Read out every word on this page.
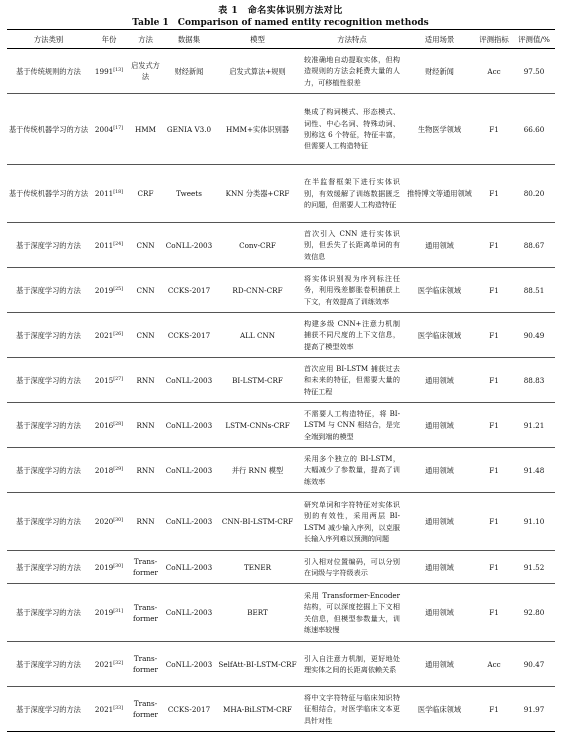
表 1　命名实体识别方法对比
Table 1　Comparison of named entity recognition methods
方法类别	年份	方法	数据集	模型	方法特点	适用场景	评测指标	评测值/%
基于传统规则的方法	1991[13]	启发式方法	财经新闻	启发式算法+规则	较准确地自动提取实体，但构造规则的方法会耗费大量的人力，可移植性很差	财经新闻	Acc	97.50
基于传统机器学习的方法	2004[17]	HMM	GENIA V3.0	HMM+实体识别器	集成了构词模式、形态模式、词性、中心名词、特殊动词、别称这 6 个特征，特征丰富，但需要人工构造特征	生物医学领域	F1	66.60
基于传统机器学习的方法	2011[18]	CRF	Tweets	KNN 分类器+CRF	在半监督框架下进行实体识别，有效缓解了训练数据匮乏的问题，但需要人工构造特征	推特博文等通用领域	F1	80.20
基于深度学习的方法	2011[24]	CNN	CoNLL-2003	Conv-CRF	首次引入 CNN 进行实体识别，但丢失了长距离单词的有效信息	通用领域	F1	88.67
基于深度学习的方法	2019[25]	CNN	CCKS-2017	RD-CNN-CRF	将实体识别视为序列标注任务，利用残差膨胀卷积捕获上下文，有效提高了训练效率	医学临床领域	F1	88.51
基于深度学习的方法	2021[26]	CNN	CCKS-2017	ALL CNN	构建多级 CNN+注意力机制捕获不同尺度的上下文信息，提高了模型效率	医学临床领域	F1	90.49
基于深度学习的方法	2015[27]	RNN	CoNLL-2003	BI-LSTM-CRF	首次应用 BI-LSTM 捕获过去和未来的特征，但需要大量的特征工程	通用领域	F1	88.83
基于深度学习的方法	2016[28]	RNN	CoNLL-2003	LSTM-CNNs-CRF	不需要人工构造特征，将 BI-LSTM 与 CNN 相结合，是完全端到端的模型	通用领域	F1	91.21
基于深度学习的方法	2018[29]	RNN	CoNLL-2003	并行 RNN 模型	采用多个独立的 BI-LSTM，大幅减少了参数量，提高了训练效率	通用领域	F1	91.48
基于深度学习的方法	2020[30]	RNN	CoNLL-2003	CNN-BI-LSTM-CRF	研究单词和字符特征对实体识别的有效性，采用两层 BI-LSTM 减少输入序列，以克服长输入序列难以预测的问题	通用领域	F1	91.10
基于深度学习的方法	2019[30]	Trans-former	CoNLL-2003	TENER	引入相对位置编码，可以分别在词级与字符级表示	通用领域	F1	91.52
基于深度学习的方法	2019[31]	Trans-former	CoNLL-2003	BERT	采用 Transformer-Encoder 结构，可以深度挖掘上下文相关信息，但模型参数量大，训练速率较慢	通用领域	F1	92.80
基于深度学习的方法	2021[32]	Trans-former	CoNLL-2003	SelfAtt-BI-LSTM-CRF	引入自注意力机制，更好地处理实体之间的长距离依赖关系	通用领域	Acc	90.47
基于深度学习的方法	2021[33]	Trans-former	CCKS-2017	MHA-BiLSTM-CRF	将中文字符特征与临床知识特征相结合，对医学临床文本更具针对性	医学临床领域	F1	91.97
